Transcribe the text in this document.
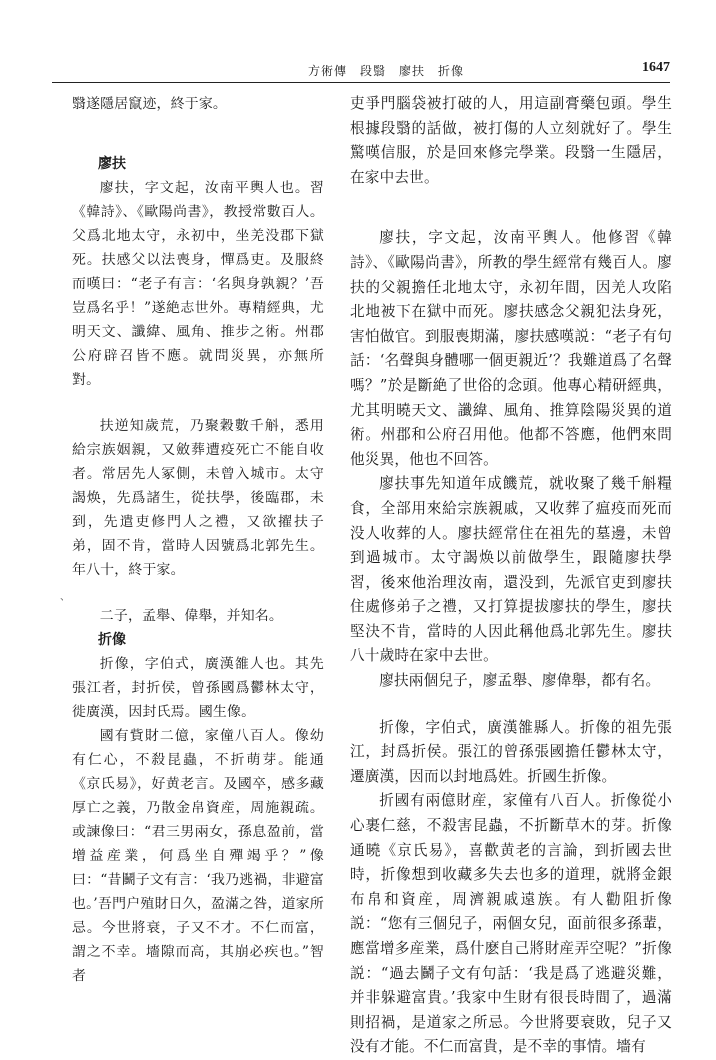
方術傳　段翳　廖扶　折像	1647
、

翳遂隱居竄迹，終于家。

廖扶

廖扶，字文起，汝南平輿人也。習《韓詩》、《歐陽尚書》，教授常數百人。父爲北地太守，永初中，坐羌没郡下獄死。扶感父以法喪身，憚爲吏。及服終而嘆曰：“老子有言：‘名與身孰親？’吾豈爲名乎！”遂絶志世外。專精經典，尤明天文、讖緯、風角、推步之術。州郡公府辟召皆不應。就問災異，亦無所對。

扶逆知歲荒，乃聚穀數千斛，悉用給宗族姻親，又斂葬遭疫死亡不能自收者。常居先人冢側，未曾入城市。太守謁焕，先爲諸生，從扶學，後臨郡，未到，先遣吏修門人之禮，又欲擢扶子弟，固不肯，當時人因號爲北郭先生。年八十，終于家。

二子，孟舉、偉舉，并知名。

折像

折像，字伯式，廣漢雒人也。其先張江者，封折侯，曾孫國爲鬱林太守，徙廣漢，因封氏焉。國生像。

國有貲財二億，家僮八百人。像幼有仁心，不殺昆蟲，不折萌芽。能通《京氏易》，好黄老言。及國卒，感多藏厚亡之義，乃散金帛資産，周施親疏。或諫像曰：“君三男兩女，孫息盈前，當增益産業，何爲坐自殫竭乎？”像曰：“昔鬭子文有言：‘我乃逃禍，非避富也。’吾門户殖財日久，盈滿之咎，道家所忌。今世將衰，子又不才。不仁而富，謂之不幸。墻隙而高，其崩必疾也。”智者

吏爭門腦袋被打破的人，用這副膏藥包頭。學生根據段翳的話做，被打傷的人立刻就好了。學生驚嘆信服，於是回來修完學業。段翳一生隱居，在家中去世。

廖扶，字文起，汝南平輿人。他修習《韓詩》、《歐陽尚書》，所教的學生經常有幾百人。廖扶的父親擔任北地太守，永初年間，因羌人攻陷北地被下在獄中而死。廖扶感念父親犯法身死，害怕做官。到服喪期滿，廖扶感嘆説：“老子有句話：‘名聲與身體哪一個更親近’？我難道爲了名聲嗎？”於是斷絶了世俗的念頭。他專心精研經典，尤其明曉天文、讖緯、風角、推算陰陽災異的道術。州郡和公府召用他。他都不答應，他們來問他災異，他也不回答。

廖扶事先知道年成饑荒，就收聚了幾千斛糧食，全部用來給宗族親戚，又收葬了瘟疫而死而没人收葬的人。廖扶經常住在祖先的墓邊，未曾到過城市。太守謁焕以前做學生，跟隨廖扶學習，後來他治理汝南，還没到，先派官吏到廖扶住處修弟子之禮，又打算提拔廖扶的學生，廖扶堅決不肯，當時的人因此稱他爲北郭先生。廖扶八十歲時在家中去世。

廖扶兩個兒子，廖孟舉、廖偉舉，都有名。

折像，字伯式，廣漢雒縣人。折像的祖先張江，封爲折侯。張江的曾孫張國擔任鬱林太守，遷廣漢，因而以封地爲姓。折國生折像。

折國有兩億財産，家僮有八百人。折像從小心裹仁慈，不殺害昆蟲，不折斷草木的芽。折像通曉《京氏易》，喜歡黄老的言論，到折國去世時，折像想到收藏多失去也多的道理，就將金銀布帛和資産，周濟親戚遠族。有人勸阻折像説：“您有三個兒子，兩個女兒，面前很多孫輩，應當增多産業，爲什麽自己將財産弄空呢？”折像説：“過去鬭子文有句話：‘我是爲了逃避災難，并非躲避富貴。’我家中生財有很長時間了，過滿則招禍，是道家之所忌。今世將要衰敗，兒子又没有才能。不仁而富貴，是不幸的事情。墻有
